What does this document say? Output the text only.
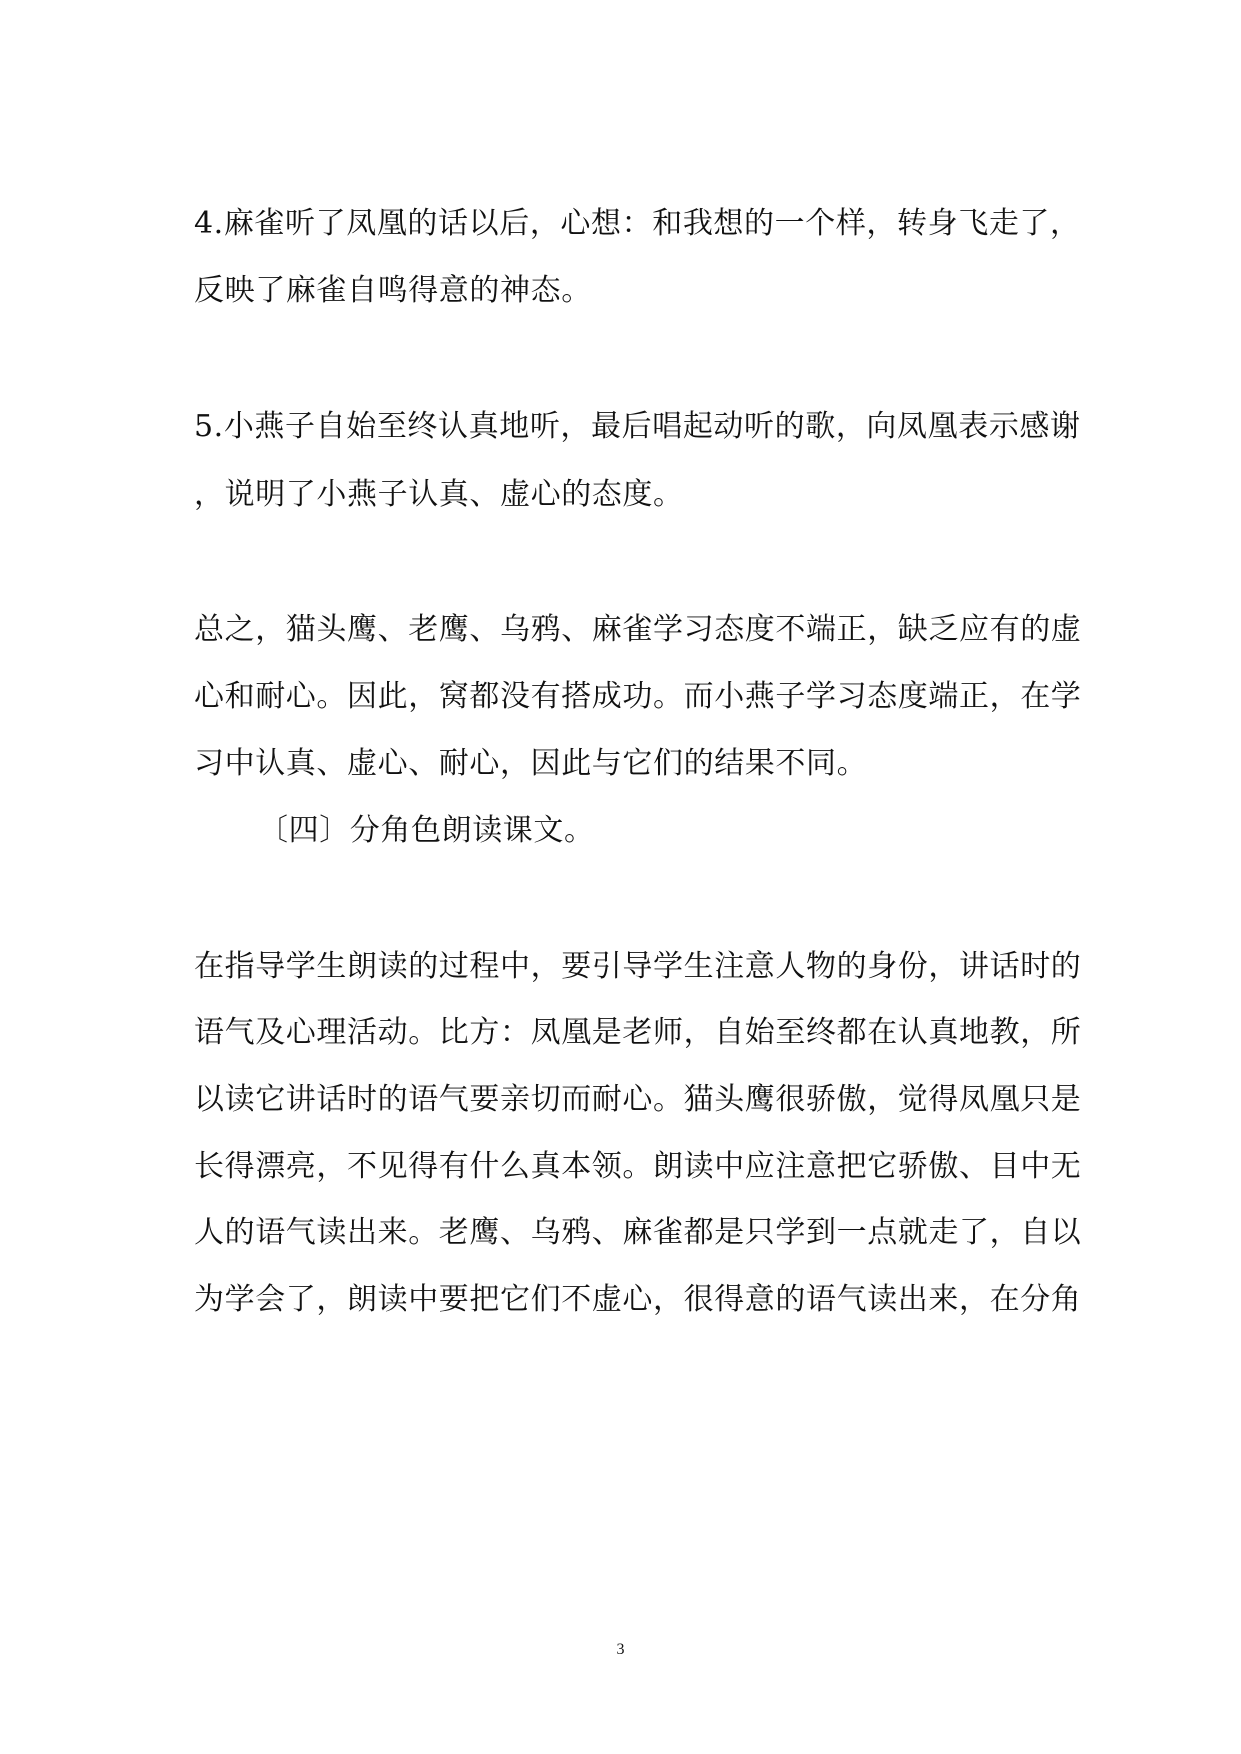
4.麻雀听了凤凰的话以后，心想：和我想的一个样，转身飞走了，
反映了麻雀自鸣得意的神态。
5.小燕子自始至终认真地听，最后唱起动听的歌，向凤凰表示感谢
，说明了小燕子认真、虚心的态度。
总之，猫头鹰、老鹰、乌鸦、麻雀学习态度不端正，缺乏应有的虚
心和耐心。因此，窝都没有搭成功。而小燕子学习态度端正，在学
习中认真、虚心、耐心，因此与它们的结果不同。
〔四〕分角色朗读课文。
在指导学生朗读的过程中，要引导学生注意人物的身份，讲话时的
语气及心理活动。比方：凤凰是老师，自始至终都在认真地教，所
以读它讲话时的语气要亲切而耐心。猫头鹰很骄傲，觉得凤凰只是
长得漂亮，不见得有什么真本领。朗读中应注意把它骄傲、目中无
人的语气读出来。老鹰、乌鸦、麻雀都是只学到一点就走了，自以
为学会了，朗读中要把它们不虚心，很得意的语气读出来，在分角
3
